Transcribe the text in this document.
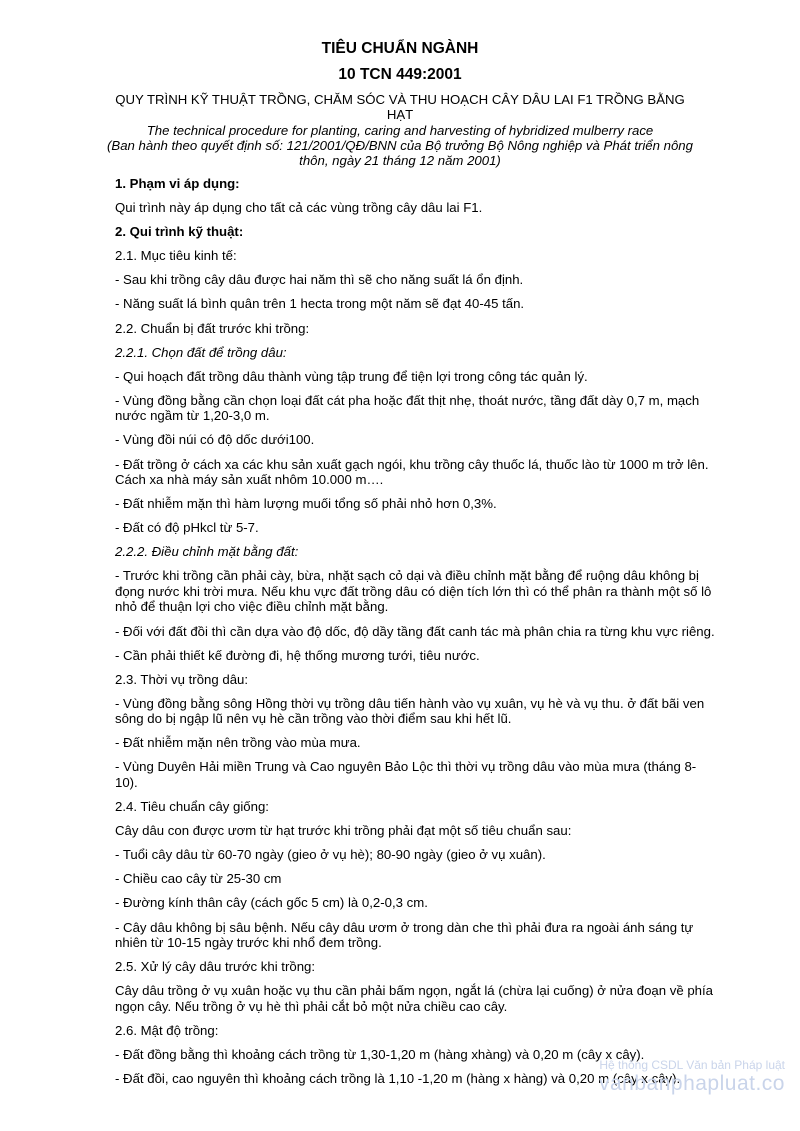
TIÊU CHUẨN NGÀNH
10 TCN 449:2001
QUY TRÌNH KỸ THUẬT TRỒNG, CHĂM SÓC VÀ THU HOẠCH CÂY DÂU LAI F1 TRỒNG BẰNG HẠT
The technical procedure for planting, caring and harvesting of hybridized mulberry race
(Ban hành theo quyết định số: 121/2001/QĐ/BNN của Bộ trưởng Bộ Nông nghiệp và Phát triển nông thôn, ngày 21 tháng 12 năm 2001)
1. Phạm vi áp dụng:
Qui trình này áp dụng cho tất cả các vùng trồng cây dâu lai F1.
2. Qui trình kỹ thuật:
2.1. Mục tiêu kinh tế:
- Sau khi trồng cây dâu được hai năm thì sẽ cho năng suất lá ổn định.
- Năng suất lá bình quân trên 1 hecta trong một năm sẽ đạt 40-45 tấn.
2.2. Chuẩn bị đất trước khi trồng:
2.2.1. Chọn đất để trồng dâu:
- Qui hoạch đất trồng dâu thành vùng tập trung để tiện lợi trong công tác quản lý.
- Vùng đồng bằng cần chọn loại đất cát pha hoặc đất thịt nhẹ, thoát nước, tầng đất dày 0,7 m, mạch nước ngầm từ 1,20-3,0 m.
- Vùng đồi núi có độ dốc dưới100.
- Đất trồng ở cách xa các khu sản xuất gạch ngói, khu trồng cây thuốc lá, thuốc lào từ 1000 m trở lên. Cách xa nhà máy sản xuất nhôm 10.000 m….
- Đất nhiễm mặn thì hàm lượng muối tổng số phải nhỏ hơn 0,3%.
- Đất có độ pHkcl từ 5-7.
2.2.2. Điều chỉnh mặt bằng đất:
- Trước khi trồng cần phải cày, bừa, nhặt sạch cỏ dại và điều chỉnh mặt bằng để ruộng dâu không bị đọng nước khi trời mưa. Nếu khu vực đất trồng dâu có diện tích lớn thì có thể phân ra thành một số lô nhỏ để thuận lợi cho việc điều chỉnh mặt bằng.
- Đối với đất đồi thì cần dựa vào độ dốc, độ dầy tầng đất canh tác mà phân chia ra từng khu vực riêng.
- Cần phải thiết kế đường đi, hệ thống mương tưới, tiêu nước.
2.3. Thời vụ trồng dâu:
- Vùng đồng bằng sông Hồng thời vụ trồng dâu tiến hành vào vụ xuân, vụ hè và vụ thu. ở đất bãi ven sông do bị ngập lũ nên vụ hè cần trồng vào thời điểm sau khi hết lũ.
- Đất nhiễm mặn nên trồng vào mùa mưa.
- Vùng Duyên Hải miền Trung và Cao nguyên Bảo Lộc thì thời vụ trồng dâu vào mùa mưa (tháng 8-10).
2.4. Tiêu chuẩn cây giống:
Cây dâu con được ươm từ hạt trước khi trồng phải đạt một số tiêu chuẩn sau:
- Tuổi cây dâu từ 60-70 ngày (gieo ở vụ hè); 80-90 ngày (gieo ở vụ xuân).
- Chiều cao cây từ 25-30 cm
- Đường kính thân cây (cách gốc 5 cm) là 0,2-0,3 cm.
- Cây dâu không bị sâu bệnh. Nếu cây dâu ươm ở trong dàn che thì phải đưa ra ngoài ánh sáng tự nhiên từ 10-15 ngày trước khi nhổ đem trồng.
2.5. Xử lý cây dâu trước khi trồng:
Cây dâu trồng ở vụ xuân hoặc vụ thu cần phải bấm ngọn, ngắt lá (chừa lại cuống) ở nửa đoạn về phía ngọn cây. Nếu trồng ở vụ hè thì phải cắt bỏ một nửa chiều cao cây.
2.6. Mật độ trồng:
- Đất đồng bằng thì khoảng cách trồng từ 1,30-1,20 m (hàng xhàng) và 0,20 m (cây x cây).
- Đất đồi, cao nguyên thì khoảng cách trồng là 1,10 -1,20 m (hàng x hàng) và 0,20 m (cây x cây).
Hệ thống CSDL Văn bản Pháp luật
vanbanphapluat.co
